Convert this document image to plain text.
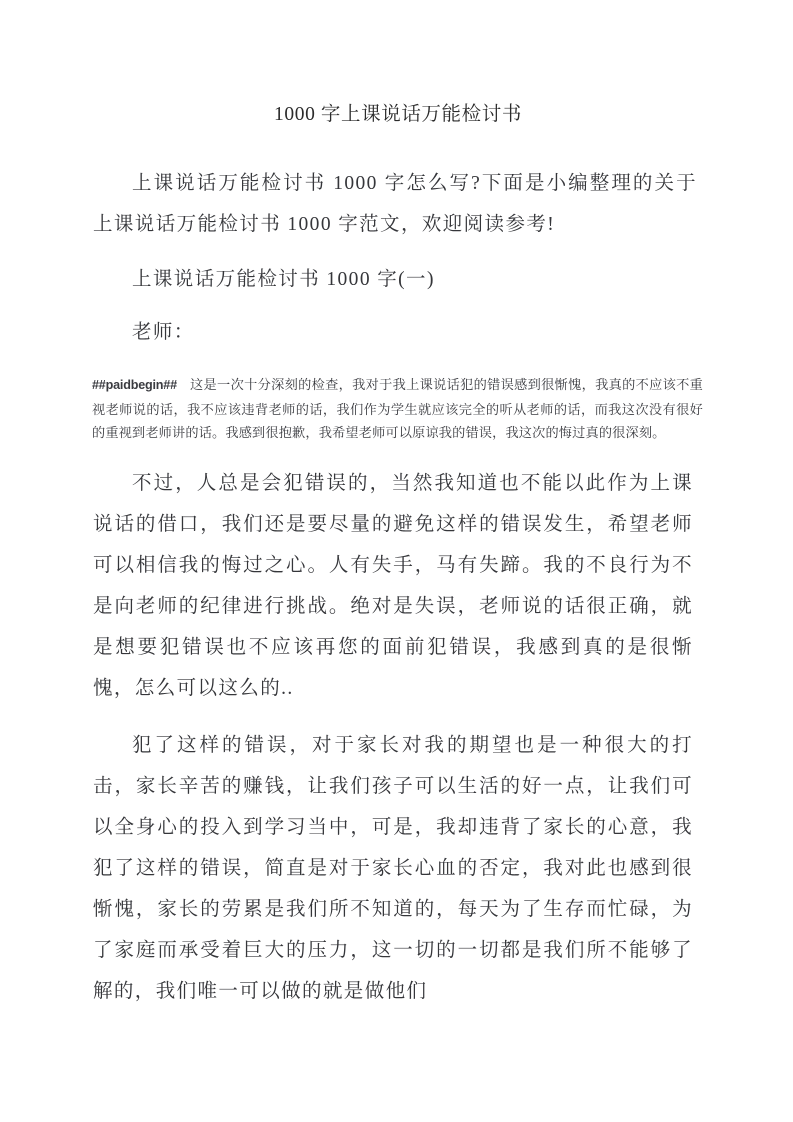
1000 字上课说话万能检讨书

上课说话万能检讨书 1000 字怎么写?下面是小编整理的关于上课说话万能检讨书 1000 字范文，欢迎阅读参考!

上课说话万能检讨书 1000 字(一)

老师：

##paidbegin## 这是一次十分深刻的检查，我对于我上课说话犯的错误感到很惭愧，我真的不应该不重视老师说的话，我不应该违背老师的话，我们作为学生就应该完全的听从老师的话，而我这次没有很好的重视到老师讲的话。我感到很抱歉，我希望老师可以原谅我的错误，我这次的悔过真的很深刻。

不过，人总是会犯错误的，当然我知道也不能以此作为上课说话的借口，我们还是要尽量的避免这样的错误发生，希望老师可以相信我的悔过之心。人有失手，马有失蹄。我的不良行为不是向老师的纪律进行挑战。绝对是失误，老师说的话很正确，就是想要犯错误也不应该再您的面前犯错误，我感到真的是很惭愧，怎么可以这么的..

犯了这样的错误，对于家长对我的期望也是一种很大的打击，家长辛苦的赚钱，让我们孩子可以生活的好一点，让我们可以全身心的投入到学习当中，可是，我却违背了家长的心意，我犯了这样的错误，简直是对于家长心血的否定，我对此也感到很惭愧，家长的劳累是我们所不知道的，每天为了生存而忙碌，为了家庭而承受着巨大的压力，这一切的一切都是我们所不能够了解的，我们唯一可以做的就是做他们
